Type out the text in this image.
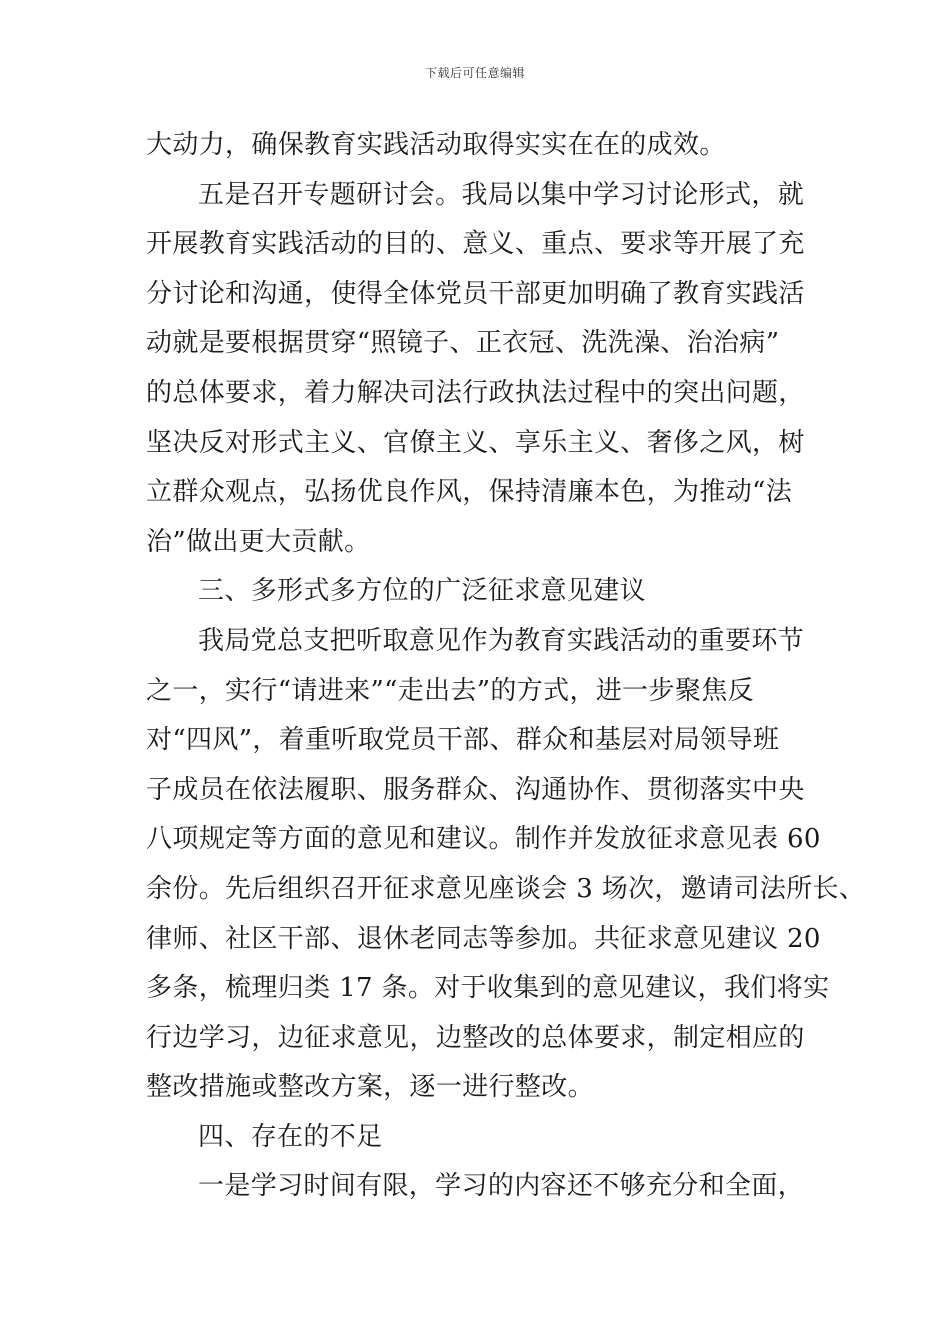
下载后可任意编辑

大动力，确保教育实践活动取得实实在在的成效。

五是召开专题研讨会。我局以集中学习讨论形式，就

开展教育实践活动的目的、意义、重点、要求等开展了充

分讨论和沟通，使得全体党员干部更加明确了教育实践活

动就是要根据贯穿“照镜子、正衣冠、洗洗澡、治治病”

的总体要求，着力解决司法行政执法过程中的突出问题，

坚决反对形式主义、官僚主义、享乐主义、奢侈之风，树

立群众观点，弘扬优良作风，保持清廉本色，为推动“法

治”做出更大贡献。

三、多形式多方位的广泛征求意见建议

我局党总支把听取意见作为教育实践活动的重要环节

之一，实行“请进来”“走出去”的方式，进一步聚焦反

对“四风”，着重听取党员干部、群众和基层对局领导班

子成员在依法履职、服务群众、沟通协作、贯彻落实中央

八项规定等方面的意见和建议。制作并发放征求意见表 60

余份。先后组织召开征求意见座谈会 3 场次，邀请司法所长、

律师、社区干部、退休老同志等参加。共征求意见建议 20

多条，梳理归类 17 条。对于收集到的意见建议，我们将实

行边学习，边征求意见，边整改的总体要求，制定相应的

整改措施或整改方案，逐一进行整改。

四、存在的不足

一是学习时间有限，学习的内容还不够充分和全面，
